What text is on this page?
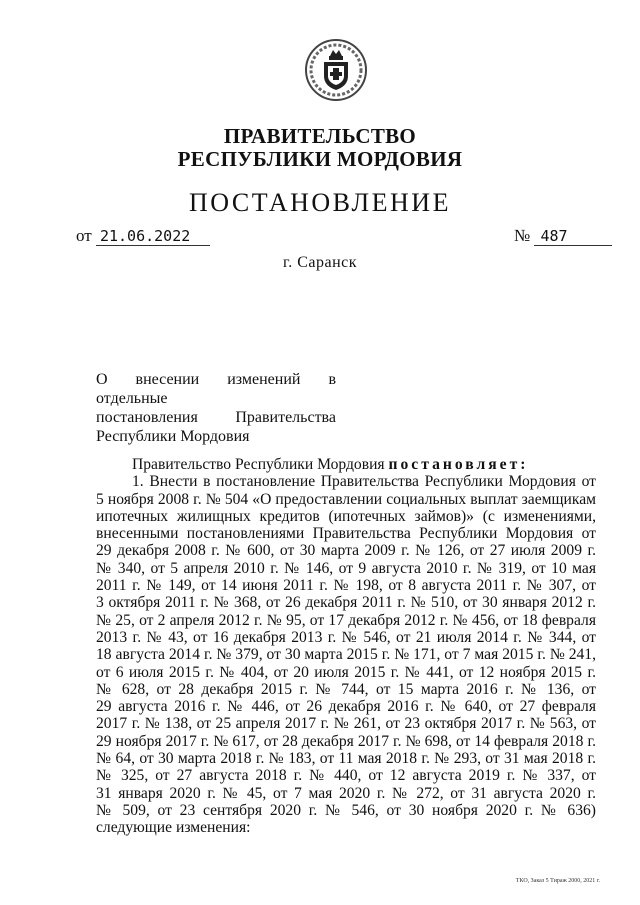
ПРАВИТЕЛЬСТВО
РЕСПУБЛИКИ МОРДОВИЯ
ПОСТАНОВЛЕНИЕ
от 21.06.2022	№ 487
г. Саранск
О внесении изменений в отдельные
постановления Правительства
Республики Мордовия
Правительство Республики Мордовия постановляет:
1. Внести в постановление Правительства Республики Мордовия от
5 ноября 2008 г. № 504 «О предоставлении социальных выплат заемщикам
ипотечных жилищных кредитов (ипотечных займов)» (с изменениями,
внесенными постановлениями Правительства Республики Мордовия от
29 декабря 2008 г. № 600, от 30 марта 2009 г. № 126, от 27 июля 2009 г.
№ 340, от 5 апреля 2010 г. № 146, от 9 августа 2010 г. № 319, от 10 мая
2011 г. № 149, от 14 июня 2011 г. № 198, от 8 августа 2011 г. № 307, от
3 октября 2011 г. № 368, от 26 декабря 2011 г. № 510, от 30 января 2012 г.
№ 25, от 2 апреля 2012 г. № 95, от 17 декабря 2012 г. № 456, от 18 февраля
2013 г. № 43, от 16 декабря 2013 г. № 546, от 21 июля 2014 г. № 344, от
18 августа 2014 г. № 379, от 30 марта 2015 г. № 171, от 7 мая 2015 г. № 241,
от 6 июля 2015 г. № 404, от 20 июля 2015 г. № 441, от 12 ноября 2015 г.
№ 628, от 28 декабря 2015 г. № 744, от 15 марта 2016 г. № 136, от
29 августа 2016 г. № 446, от 26 декабря 2016 г. № 640, от 27 февраля
2017 г. № 138, от 25 апреля 2017 г. № 261, от 23 октября 2017 г. № 563, от
29 ноября 2017 г. № 617, от 28 декабря 2017 г. № 698, от 14 февраля 2018 г.
№ 64, от 30 марта 2018 г. № 183, от 11 мая 2018 г. № 293, от 31 мая 2018 г.
№ 325, от 27 августа 2018 г. № 440, от 12 августа 2019 г. № 337, от
31 января 2020 г. № 45, от 7 мая 2020 г. № 272, от 31 августа 2020 г.
№ 509, от 23 сентября 2020 г. № 546, от 30 ноября 2020 г. № 636)
следующие изменения:
ТКО, Заказ 5 Тираж 2000, 2021 г.
